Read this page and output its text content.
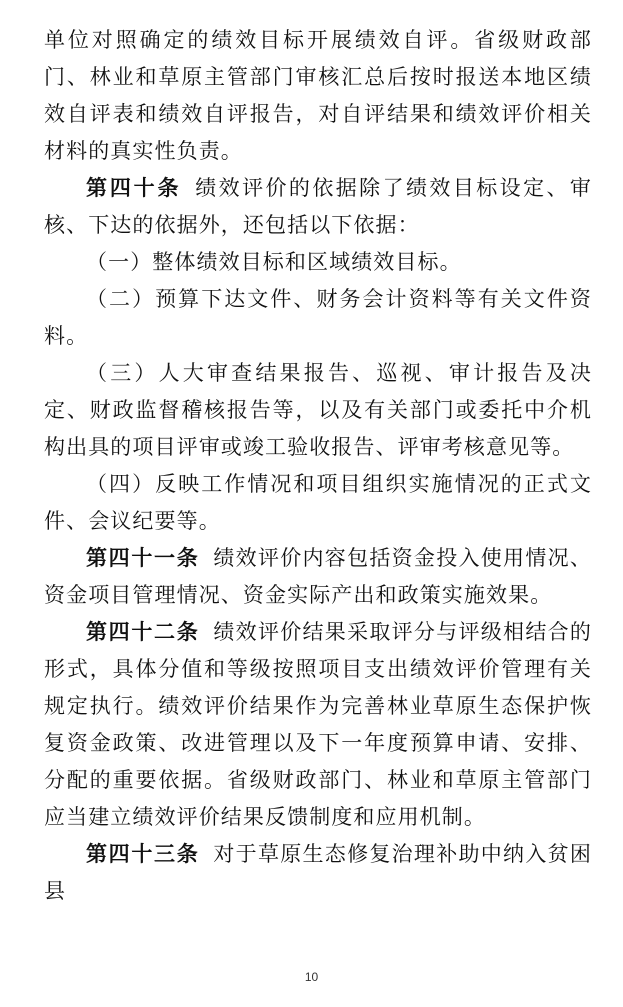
单位对照确定的绩效目标开展绩效自评。省级财政部门、林业和草原主管部门审核汇总后按时报送本地区绩效自评表和绩效自评报告，对自评结果和绩效评价相关材料的真实性负责。

第四十条 绩效评价的依据除了绩效目标设定、审核、下达的依据外，还包括以下依据：

（一）整体绩效目标和区域绩效目标。

（二）预算下达文件、财务会计资料等有关文件资料。

（三）人大审查结果报告、巡视、审计报告及决定、财政监督稽核报告等，以及有关部门或委托中介机构出具的项目评审或竣工验收报告、评审考核意见等。

（四）反映工作情况和项目组织实施情况的正式文件、会议纪要等。

第四十一条 绩效评价内容包括资金投入使用情况、资金项目管理情况、资金实际产出和政策实施效果。

第四十二条 绩效评价结果采取评分与评级相结合的形式，具体分值和等级按照项目支出绩效评价管理有关规定执行。绩效评价结果作为完善林业草原生态保护恢复资金政策、改进管理以及下一年度预算申请、安排、分配的重要依据。省级财政部门、林业和草原主管部门应当建立绩效评价结果反馈制度和应用机制。

第四十三条 对于草原生态修复治理补助中纳入贫困县

10
